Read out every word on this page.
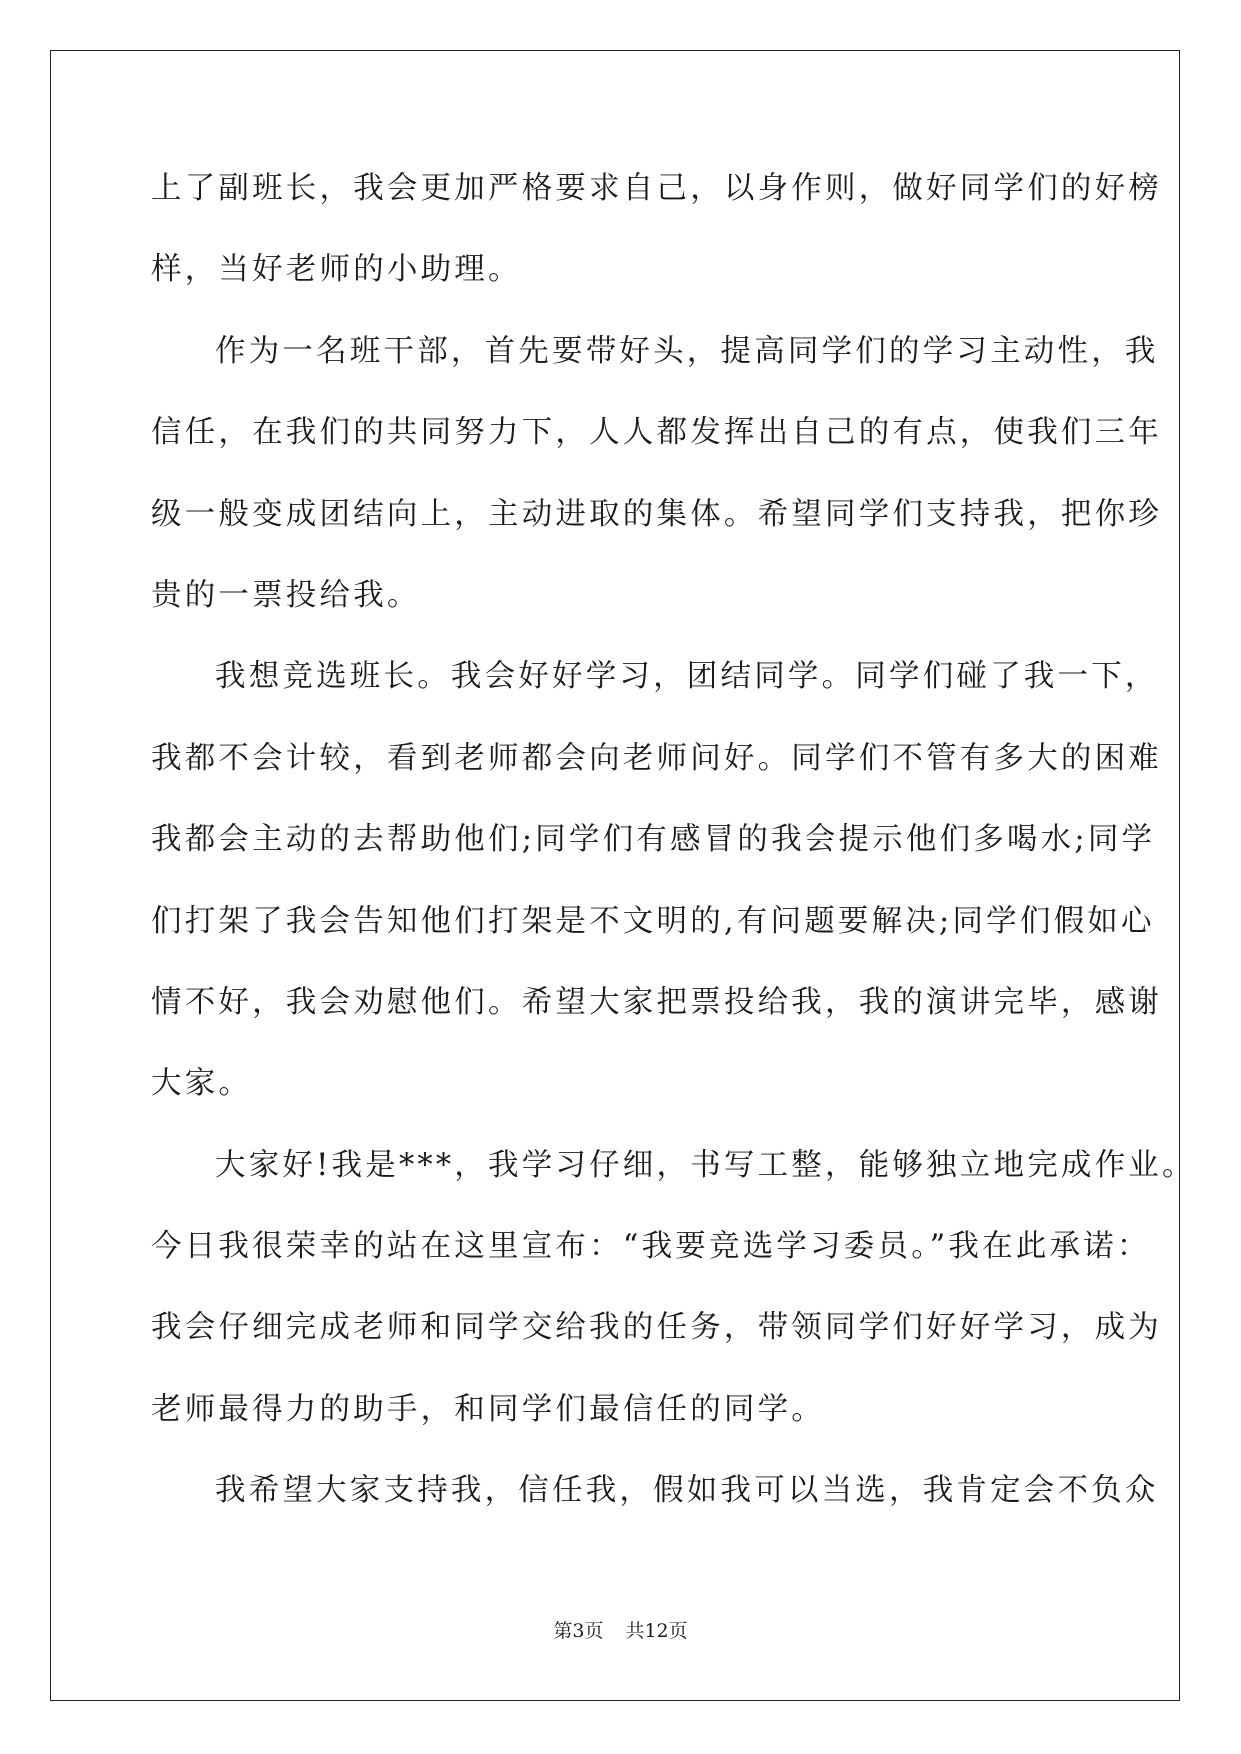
上了副班长，我会更加严格要求自己，以身作则，做好同学们的好榜
样，当好老师的小助理。
作为一名班干部，首先要带好头，提高同学们的学习主动性，我
信任，在我们的共同努力下，人人都发挥出自己的有点，使我们三年
级一般变成团结向上，主动进取的集体。希望同学们支持我，把你珍
贵的一票投给我。
我想竞选班长。我会好好学习，团结同学。同学们碰了我一下，
我都不会计较，看到老师都会向老师问好。同学们不管有多大的困难
我都会主动的去帮助他们;同学们有感冒的我会提示他们多喝水;同学
们打架了我会告知他们打架是不文明的,有问题要解决;同学们假如心
情不好，我会劝慰他们。希望大家把票投给我，我的演讲完毕，感谢
大家。
大家好!我是***，我学习仔细，书写工整，能够独立地完成作业。
今日我很荣幸的站在这里宣布：“我要竞选学习委员。”我在此承诺：
我会仔细完成老师和同学交给我的任务，带领同学们好好学习，成为
老师最得力的助手，和同学们最信任的同学。
我希望大家支持我，信任我，假如我可以当选，我肯定会不负众
第3页 共12页
